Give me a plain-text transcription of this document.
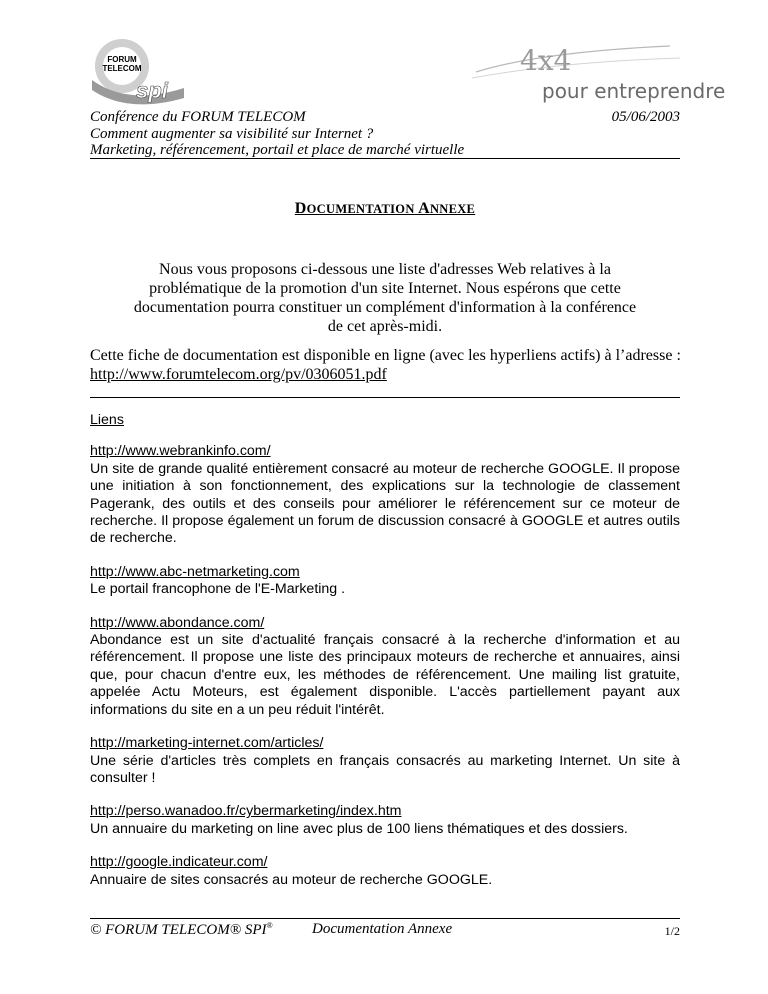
FORUM
TELECOM
spi
4x4
pour entreprendre
Conférence du FORUM TELECOM
Comment augmenter sa visibilité sur Internet ?
Marketing, référencement, portail et place de marché virtuelle
05/06/2003
DOCUMENTATION ANNEXE
Nous vous proposons ci-dessous une liste d'adresses Web relatives à la problématique de la promotion d'un site Internet. Nous espérons que cette documentation pourra constituer un complément d'information à la conférence de cet après-midi.
Cette fiche de documentation est disponible en ligne (avec les hyperliens actifs) à l’adresse : http://www.forumtelecom.org/pv/0306051.pdf
Liens
http://www.webrankinfo.com/
Un site de grande qualité entièrement consacré au moteur de recherche GOOGLE. Il propose une initiation à son fonctionnement, des explications sur la technologie de classement Pagerank, des outils et des conseils pour améliorer le référencement sur ce moteur de recherche. Il propose également un forum de discussion consacré à GOOGLE et autres outils de recherche.
http://www.abc-netmarketing.com
Le portail francophone de l'E-Marketing .
http://www.abondance.com/
Abondance est un site d'actualité français consacré à la recherche d'information et au référencement. Il propose une liste des principaux moteurs de recherche et annuaires, ainsi que, pour chacun d'entre eux, les méthodes de référencement. Une mailing list gratuite, appelée Actu Moteurs, est également disponible. L'accès partiellement payant aux informations du site en a un peu réduit l'intérêt.
http://marketing-internet.com/articles/
Une série d'articles très complets en français consacrés au marketing Internet. Un site à consulter !
http://perso.wanadoo.fr/cybermarketing/index.htm
Un annuaire du marketing on line avec plus de 100 liens thématiques et des dossiers.
http://google.indicateur.com/
Annuaire de sites consacrés au moteur de recherche GOOGLE.
© FORUM TELECOM® SPI®	Documentation Annexe	1/2
